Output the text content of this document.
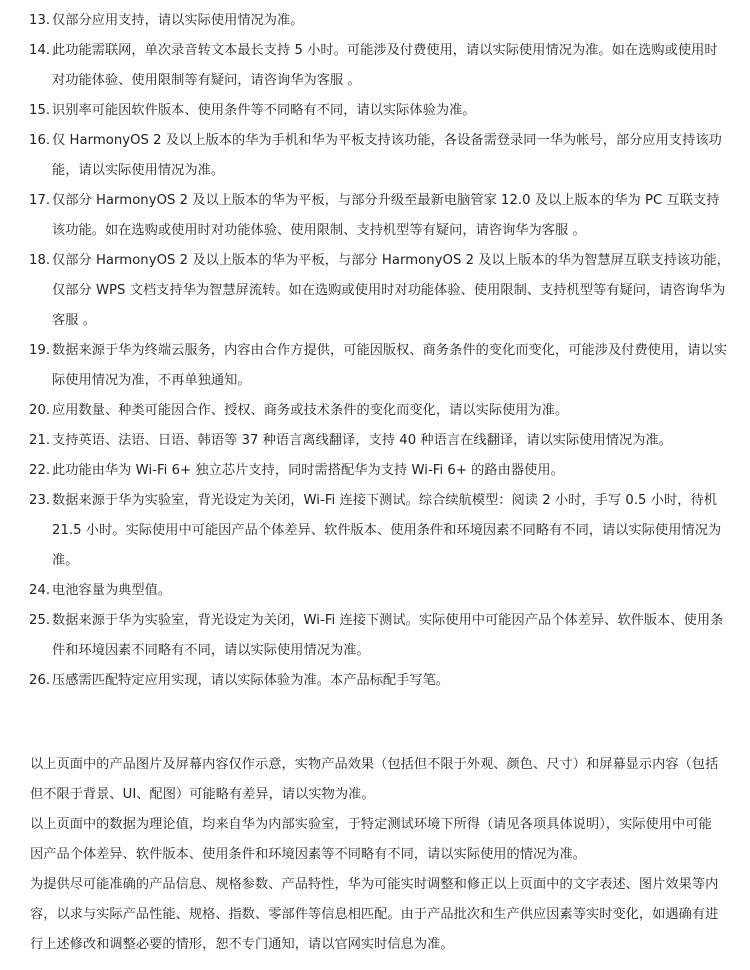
13. 仅部分应用支持，请以实际使用情况为准。
14. 此功能需联网，单次录音转文本最长支持 5 小时。可能涉及付费使用，请以实际使用情况为准。如在选购或使用时对功能体验、使用限制等有疑问，请咨询华为客服 。
15. 识别率可能因软件版本、使用条件等不同略有不同，请以实际体验为准。
16. 仅 HarmonyOS 2 及以上版本的华为手机和华为平板支持该功能，各设备需登录同一华为帐号，部分应用支持该功能，请以实际使用情况为准。
17. 仅部分 HarmonyOS 2 及以上版本的华为平板，与部分升级至最新电脑管家 12.0 及以上版本的华为 PC 互联支持该功能。如在选购或使用时对功能体验、使用限制、支持机型等有疑问，请咨询华为客服 。
18. 仅部分 HarmonyOS 2 及以上版本的华为平板，与部分 HarmonyOS 2 及以上版本的华为智慧屏互联支持该功能，仅部分 WPS 文档支持华为智慧屏流转。如在选购或使用时对功能体验、使用限制、支持机型等有疑问，请咨询华为客服 。
19. 数据来源于华为终端云服务，内容由合作方提供，可能因版权、商务条件的变化而变化，可能涉及付费使用，请以实际使用情况为准，不再单独通知。
20. 应用数量、种类可能因合作、授权、商务或技术条件的变化而变化，请以实际使用为准。
21. 支持英语、法语、日语、韩语等 37 种语言离线翻译，支持 40 种语言在线翻译，请以实际使用情况为准。
22. 此功能由华为 Wi-Fi 6+ 独立芯片支持，同时需搭配华为支持 Wi-Fi 6+ 的路由器使用。
23. 数据来源于华为实验室，背光设定为关闭，Wi-Fi 连接下测试。综合续航模型：阅读 2 小时，手写 0.5 小时，待机 21.5 小时。实际使用中可能因产品个体差异、软件版本、使用条件和环境因素不同略有不同，请以实际使用情况为准。
24. 电池容量为典型值。
25. 数据来源于华为实验室，背光设定为关闭，Wi-Fi 连接下测试。实际使用中可能因产品个体差异、软件版本、使用条件和环境因素不同略有不同，请以实际使用情况为准。
26. 压感需匹配特定应用实现，请以实际体验为准。本产品标配手写笔。

以上页面中的产品图片及屏幕内容仅作示意，实物产品效果（包括但不限于外观、颜色、尺寸）和屏幕显示内容（包括但不限于背景、UI、配图）可能略有差异，请以实物为准。

以上页面中的数据为理论值，均来自华为内部实验室，于特定测试环境下所得（请见各项具体说明），实际使用中可能因产品个体差异、软件版本、使用条件和环境因素等不同略有不同，请以实际使用的情况为准。

为提供尽可能准确的产品信息、规格参数、产品特性，华为可能实时调整和修正以上页面中的文字表述、图片效果等内容，以求与实际产品性能、规格、指数、零部件等信息相匹配。由于产品批次和生产供应因素等实时变化，如遇确有进行上述修改和调整必要的情形，恕不专门通知，请以官网实时信息为准。
